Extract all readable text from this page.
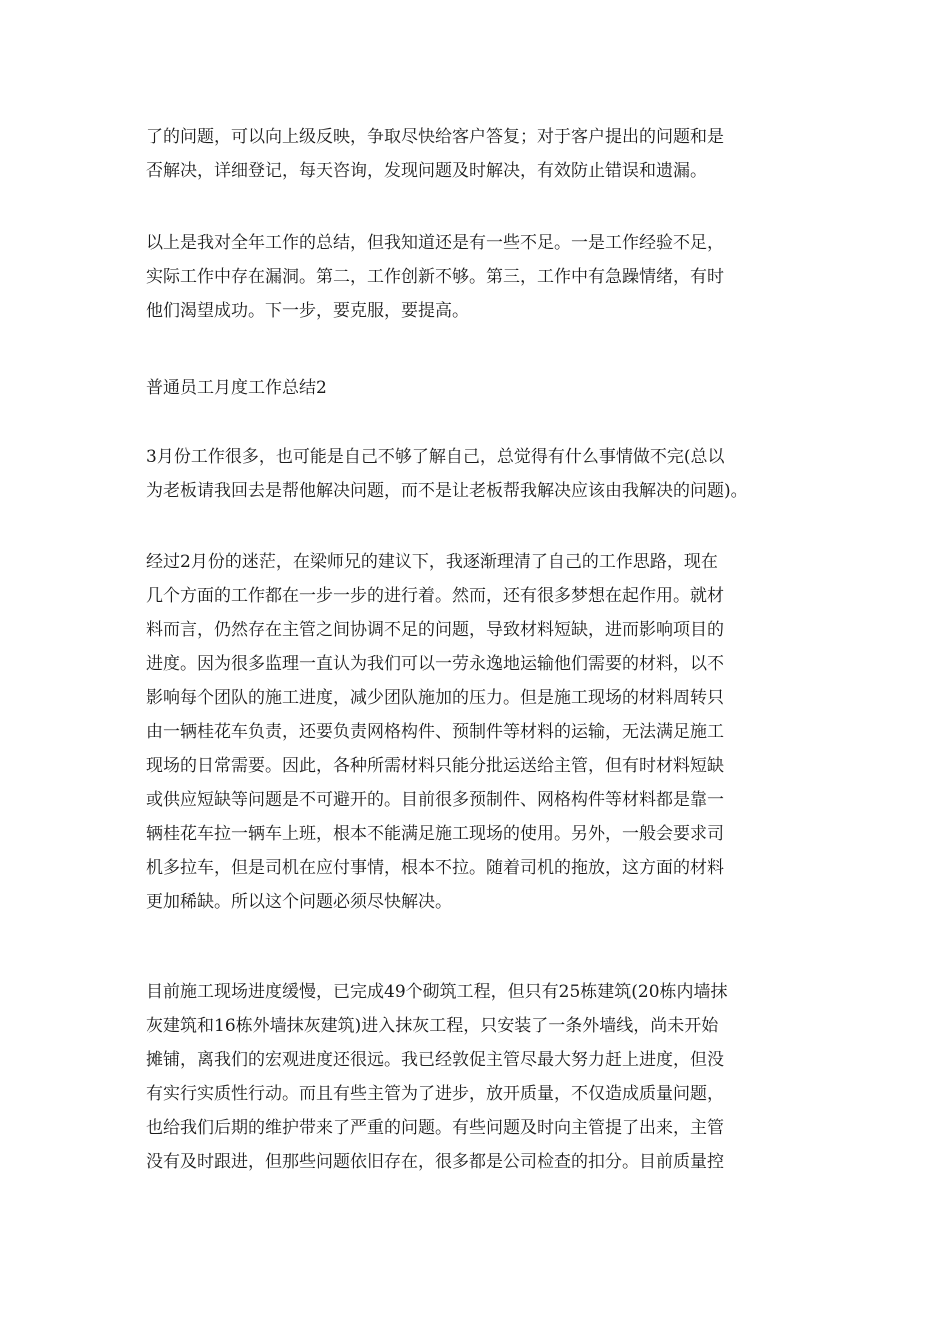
了的问题，可以向上级反映，争取尽快给客户答复；对于客户提出的问题和是
否解决，详细登记，每天咨询，发现问题及时解决，有效防止错误和遗漏。
以上是我对全年工作的总结，但我知道还是有一些不足。一是工作经验不足，
实际工作中存在漏洞。第二，工作创新不够。第三，工作中有急躁情绪，有时
他们渴望成功。下一步，要克服，要提高。
普通员工月度工作总结2
3月份工作很多，也可能是自己不够了解自己，总觉得有什么事情做不完(总以
为老板请我回去是帮他解决问题，而不是让老板帮我解决应该由我解决的问题)。
经过2月份的迷茫，在梁师兄的建议下，我逐渐理清了自己的工作思路，现在
几个方面的工作都在一步一步的进行着。然而，还有很多梦想在起作用。就材
料而言，仍然存在主管之间协调不足的问题，导致材料短缺，进而影响项目的
进度。因为很多监理一直认为我们可以一劳永逸地运输他们需要的材料，以不
影响每个团队的施工进度，减少团队施加的压力。但是施工现场的材料周转只
由一辆桂花车负责，还要负责网格构件、预制件等材料的运输，无法满足施工
现场的日常需要。因此，各种所需材料只能分批运送给主管，但有时材料短缺
或供应短缺等问题是不可避开的。目前很多预制件、网格构件等材料都是靠一
辆桂花车拉一辆车上班，根本不能满足施工现场的使用。另外，一般会要求司
机多拉车，但是司机在应付事情，根本不拉。随着司机的拖放，这方面的材料
更加稀缺。所以这个问题必须尽快解决。
目前施工现场进度缓慢，已完成49个砌筑工程，但只有25栋建筑(20栋内墙抹
灰建筑和16栋外墙抹灰建筑)进入抹灰工程，只安装了一条外墙线，尚未开始
摊铺，离我们的宏观进度还很远。我已经敦促主管尽最大努力赶上进度，但没
有实行实质性行动。而且有些主管为了进步，放开质量，不仅造成质量问题，
也给我们后期的维护带来了严重的问题。有些问题及时向主管提了出来，主管
没有及时跟进，但那些问题依旧存在，很多都是公司检查的扣分。目前质量控
